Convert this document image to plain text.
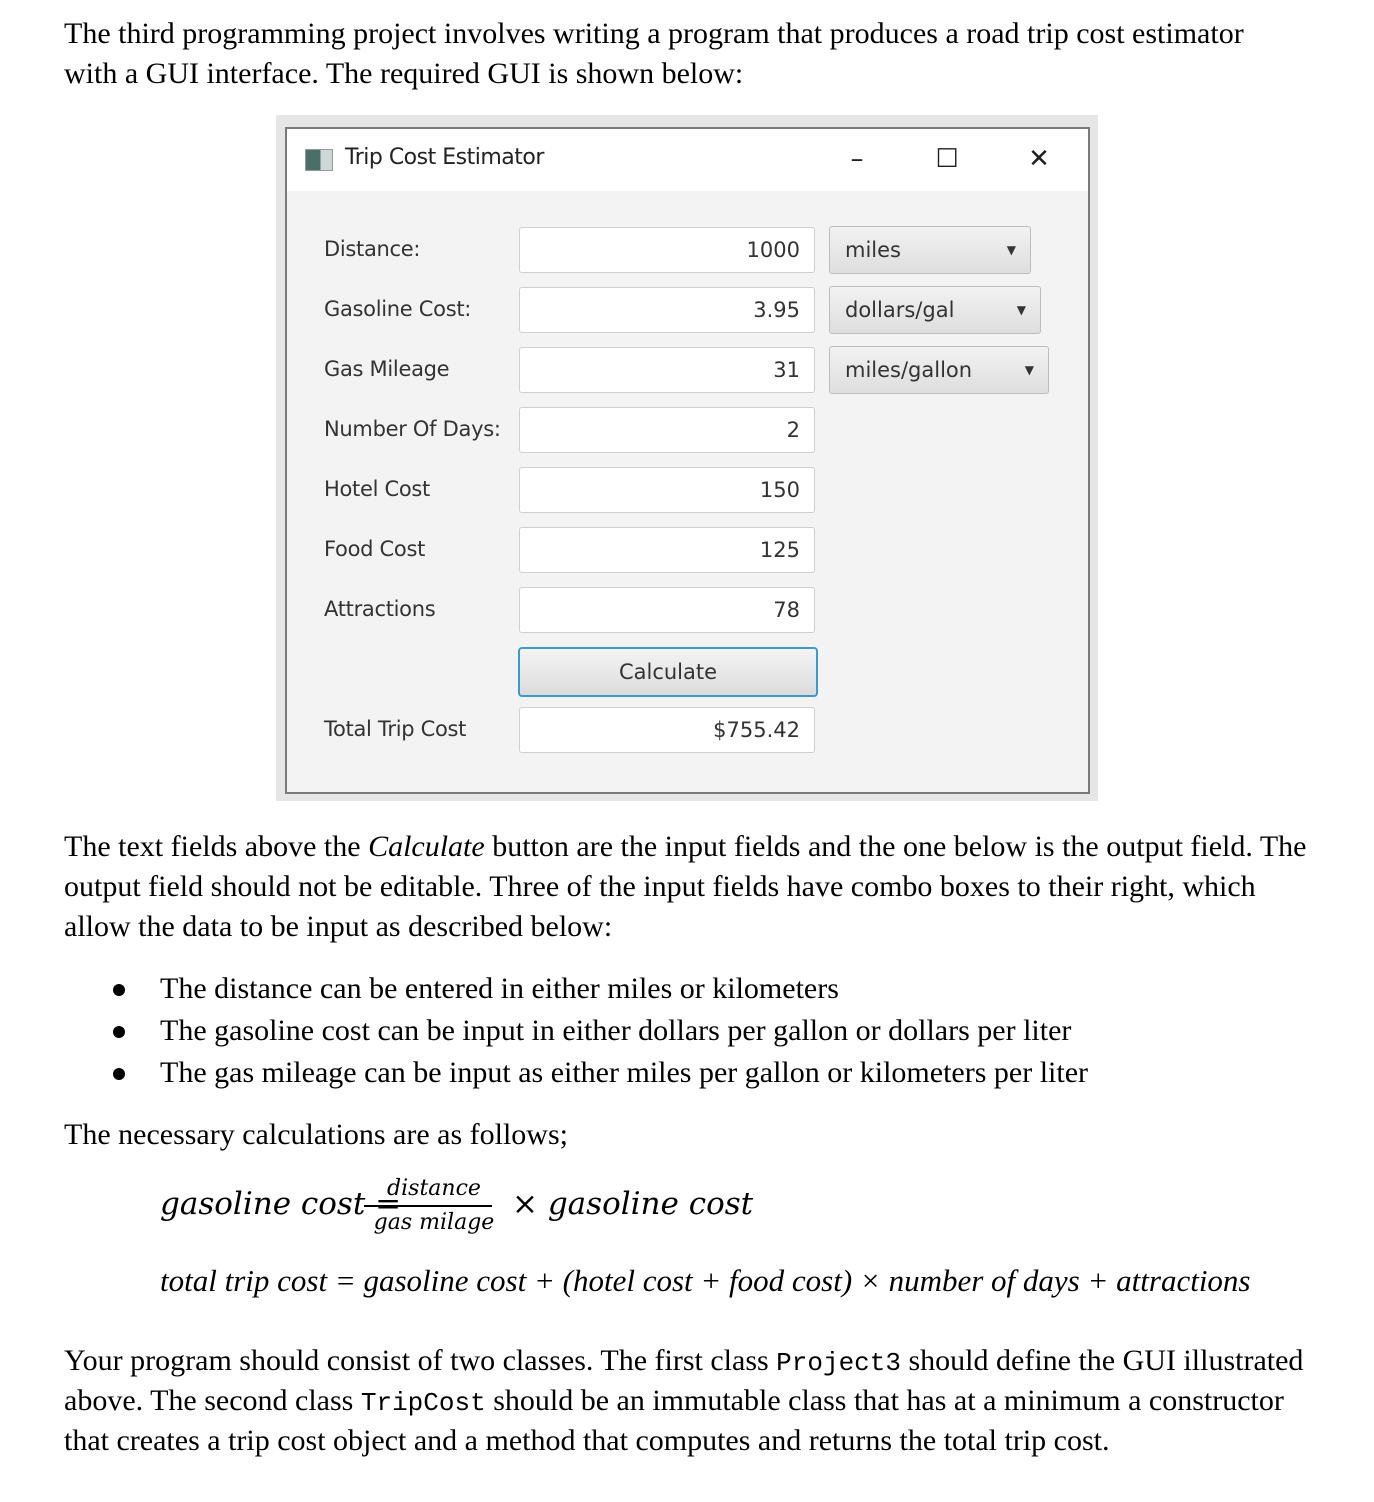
The third programming project involves writing a program that produces a road trip cost estimator with a GUI interface. The required GUI is shown below:
Trip Cost Estimator	–	☐	✕
Distance:	1000	miles	▼
Gasoline Cost:	3.95	dollars/gal	▼
Gas Mileage	31	miles/gallon	▼
Number Of Days:	2
Hotel Cost	150
Food Cost	125
Attractions	78
Calculate
Total Trip Cost	$755.42
The text fields above the Calculate button are the input fields and the one below is the output field. The output field should not be editable. Three of the input fields have combo boxes to their right, which allow the data to be input as described below:
The distance can be entered in either miles or kilometers
The gasoline cost can be input in either dollars per gallon or dollars per liter
The gas mileage can be input as either miles per gallon or kilometers per liter
The necessary calculations are as follows;
gasoline cost =
distance
gas milage
× gasoline cost
total trip cost = gasoline cost + (hotel cost + food cost) × number of days + attractions
Your program should consist of two classes. The first class Project3 should define the GUI illustrated above. The second class TripCost should be an immutable class that has at a minimum a constructor that creates a trip cost object and a method that computes and returns the total trip cost.
